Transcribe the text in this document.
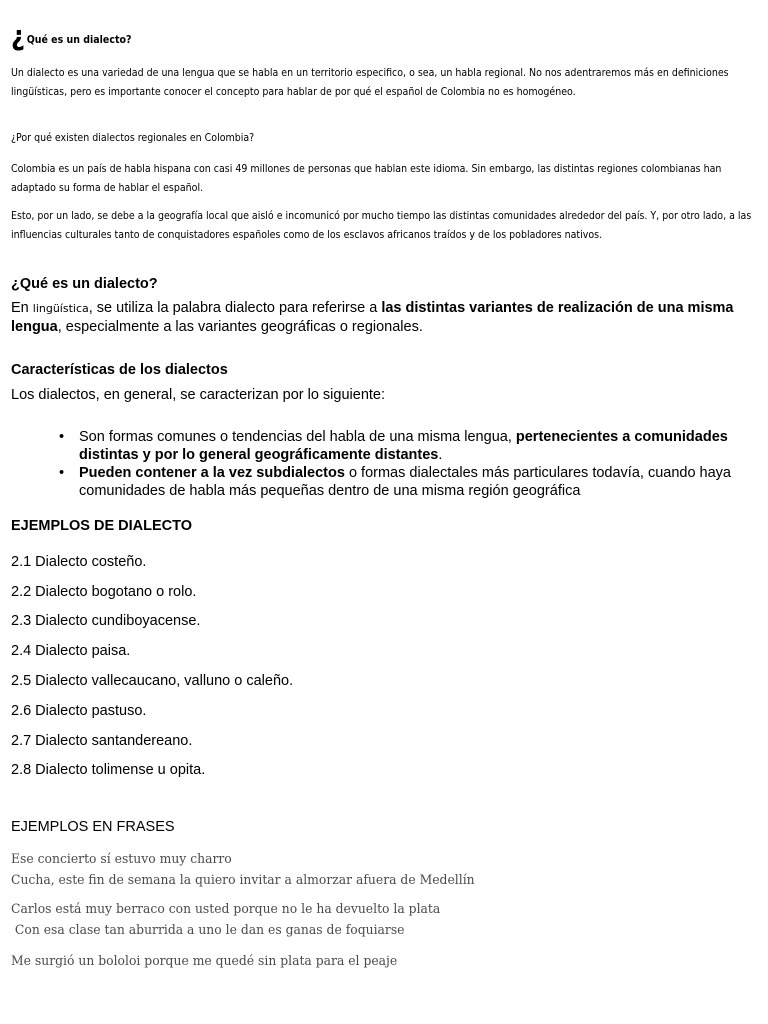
¿ Qué es un dialecto?
Un dialecto es una variedad de una lengua que se habla en un territorio especifico, o sea, un habla regional. No nos adentraremos más en definiciones lingüísticas, pero es importante conocer el concepto para hablar de por qué el español de Colombia no es homogéneo.
¿Por qué existen dialectos regionales en Colombia?
Colombia es un país de habla hispana con casi 49 millones de personas que hablan este idioma. Sin embargo, las distintas regiones colombianas han adaptado su forma de hablar el español.
Esto, por un lado, se debe a la geografía local que aisló e incomunicó por mucho tiempo las distintas comunidades alrededor del país. Y, por otro lado, a las influencias culturales tanto de conquistadores españoles como de los esclavos africanos traídos y de los pobladores nativos.
¿Qué es un dialecto?

En lingüística, se utiliza la palabra dialecto para referirse a las distintas variantes de realización de una misma lengua, especialmente a las variantes geográficas o regionales.

Características de los dialectos

Los dialectos, en general, se caracterizan por lo siguiente:

• Son formas comunes o tendencias del habla de una misma lengua, pertenecientes a comunidades distintas y por lo general geográficamente distantes.
• Pueden contener a la vez subdialectos o formas dialectales más particulares todavía, cuando haya comunidades de habla más pequeñas dentro de una misma región geográfica
EJEMPLOS DE DIALECTO
2.1 Dialecto costeño.
2.2 Dialecto bogotano o rolo.
2.3 Dialecto cundiboyacense.
2.4 Dialecto paisa.
2.5 Dialecto vallecaucano, valluno o caleño.
2.6 Dialecto pastuso.
2.7 Dialecto santandereano.
2.8 Dialecto tolimense u opita.
EJEMPLOS EN FRASES
Ese concierto sí estuvo muy charro
Cucha, este fin de semana la quiero invitar a almorzar afuera de Medellín
Carlos está muy berraco con usted porque no le ha devuelto la plata
Con esa clase tan aburrida a uno le dan es ganas de foquiarse
Me surgió un bololoi porque me quedé sin plata para el peaje
